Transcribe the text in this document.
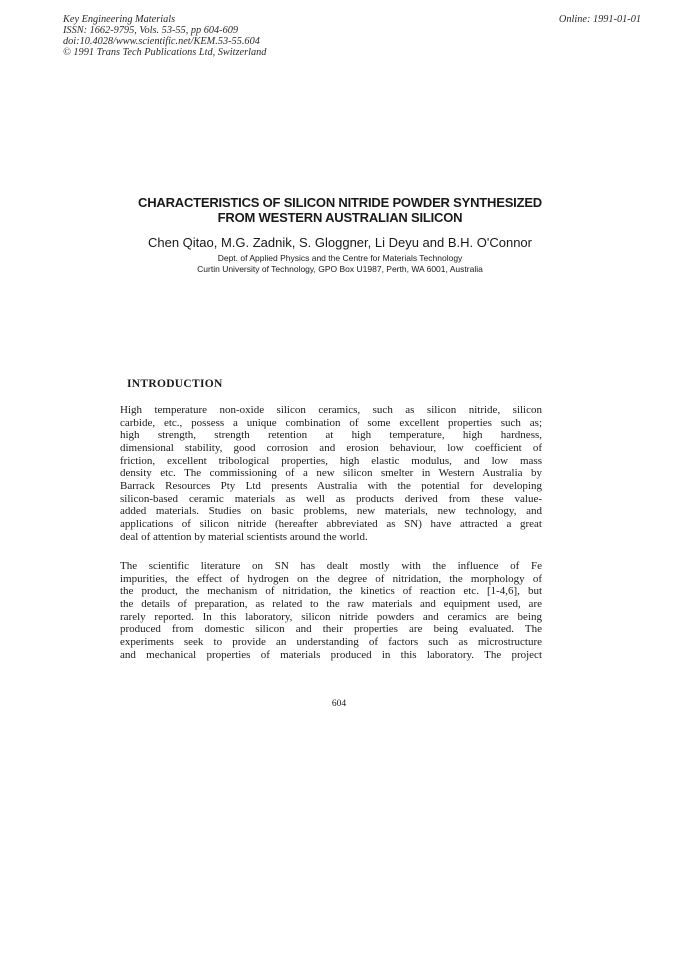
Key Engineering Materials
ISSN: 1662-9795, Vols. 53-55, pp 604-609
doi:10.4028/www.scientific.net/KEM.53-55.604
© 1991 Trans Tech Publications Ltd, Switzerland
Online: 1991-01-01
CHARACTERISTICS OF SILICON NITRIDE POWDER SYNTHESIZED
FROM WESTERN AUSTRALIAN SILICON
Chen Qitao, M.G. Zadnik, S. Gloggner, Li Deyu and B.H. O'Connor
Dept. of Applied Physics and the Centre for Materials Technology
Curtin University of Technology, GPO Box U1987, Perth, WA 6001, Australia
INTRODUCTION
High temperature non-oxide silicon ceramics, such as silicon nitride, silicon
carbide, etc., possess a unique combination of some excellent properties such as;
high strength, strength retention at high temperature, high hardness,
dimensional stability, good corrosion and erosion behaviour, low coefficient of
friction, excellent tribological properties, high elastic modulus, and low mass
density etc. The commissioning of a new silicon smelter in Western Australia by
Barrack Resources Pty Ltd presents Australia with the potential for developing
silicon-based ceramic materials as well as products derived from these value-
added materials. Studies on basic problems, new materials, new technology, and
applications of silicon nitride (hereafter abbreviated as SN) have attracted a great
deal of attention by material scientists around the world.
The scientific literature on SN has dealt mostly with the influence of Fe
impurities, the effect of hydrogen on the degree of nitridation, the morphology of
the product, the mechanism of nitridation, the kinetics of reaction etc. [1-4,6], but
the details of preparation, as related to the raw materials and equipment used, are
rarely reported. In this laboratory, silicon nitride powders and ceramics are being
produced from domestic silicon and their properties are being evaluated. The
experiments seek to provide an understanding of factors such as microstructure
and mechanical properties of materials produced in this laboratory. The project
604
